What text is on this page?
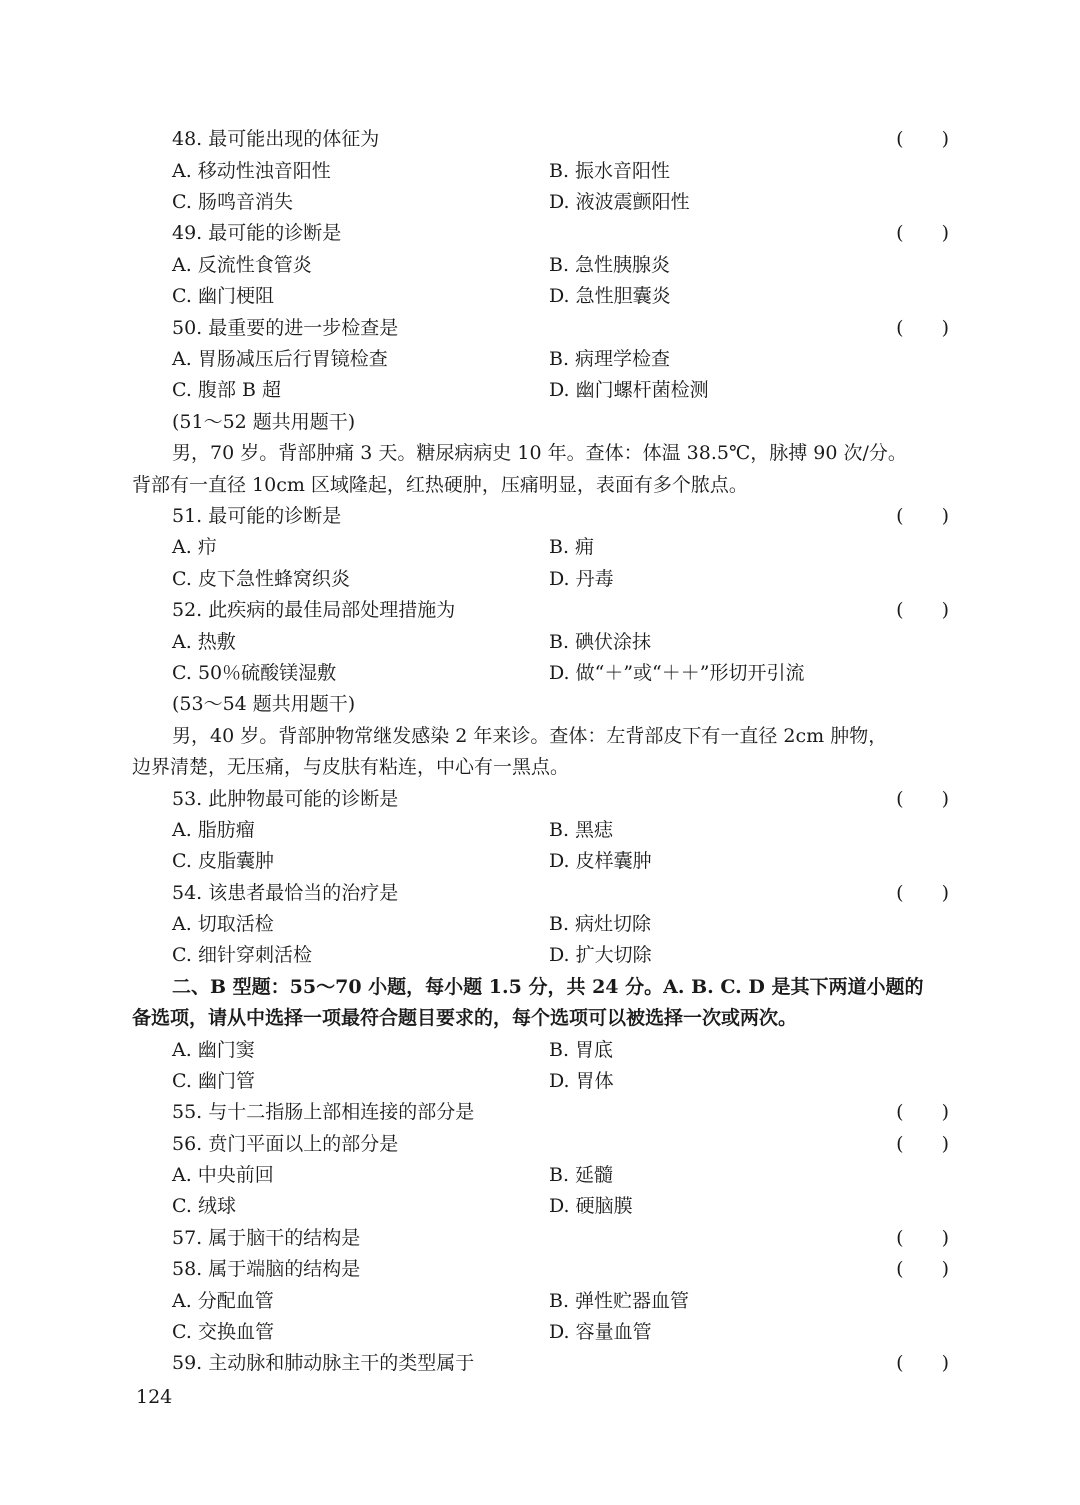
48. 最可能出现的体征为	(　　)
A. 移动性浊音阳性	B. 振水音阳性
C. 肠鸣音消失	D. 液波震颤阳性
49. 最可能的诊断是	(　　)
A. 反流性食管炎	B. 急性胰腺炎
C. 幽门梗阻	D. 急性胆囊炎
50. 最重要的进一步检查是	(　　)
A. 胃肠减压后行胃镜检查	B. 病理学检查
C. 腹部 B 超	D. 幽门螺杆菌检测
(51～52 题共用题干)
男，70 岁。背部肿痛 3 天。糖尿病病史 10 年。查体：体温 38.5℃，脉搏 90 次/分。
背部有一直径 10cm 区域隆起，红热硬肿，压痛明显，表面有多个脓点。
51. 最可能的诊断是	(　　)
A. 疖	B. 痈
C. 皮下急性蜂窝织炎	D. 丹毒
52. 此疾病的最佳局部处理措施为	(　　)
A. 热敷	B. 碘伏涂抹
C. 50％硫酸镁湿敷	D. 做“＋”或“＋＋”形切开引流
(53～54 题共用题干)
男，40 岁。背部肿物常继发感染 2 年来诊。查体：左背部皮下有一直径 2cm 肿物，
边界清楚，无压痛，与皮肤有粘连，中心有一黑点。
53. 此肿物最可能的诊断是	(　　)
A. 脂肪瘤	B. 黑痣
C. 皮脂囊肿	D. 皮样囊肿
54. 该患者最恰当的治疗是	(　　)
A. 切取活检	B. 病灶切除
C. 细针穿刺活检	D. 扩大切除
二、B 型题：55～70 小题，每小题 1.5 分，共 24 分。A. B. C. D 是其下两道小题的
备选项，请从中选择一项最符合题目要求的，每个选项可以被选择一次或两次。
A. 幽门窦	B. 胃底
C. 幽门管	D. 胃体
55. 与十二指肠上部相连接的部分是	(　　)
56. 贲门平面以上的部分是	(　　)
A. 中央前回	B. 延髓
C. 绒球	D. 硬脑膜
57. 属于脑干的结构是	(　　)
58. 属于端脑的结构是	(　　)
A. 分配血管	B. 弹性贮器血管
C. 交换血管	D. 容量血管
59. 主动脉和肺动脉主干的类型属于	(　　)
124
